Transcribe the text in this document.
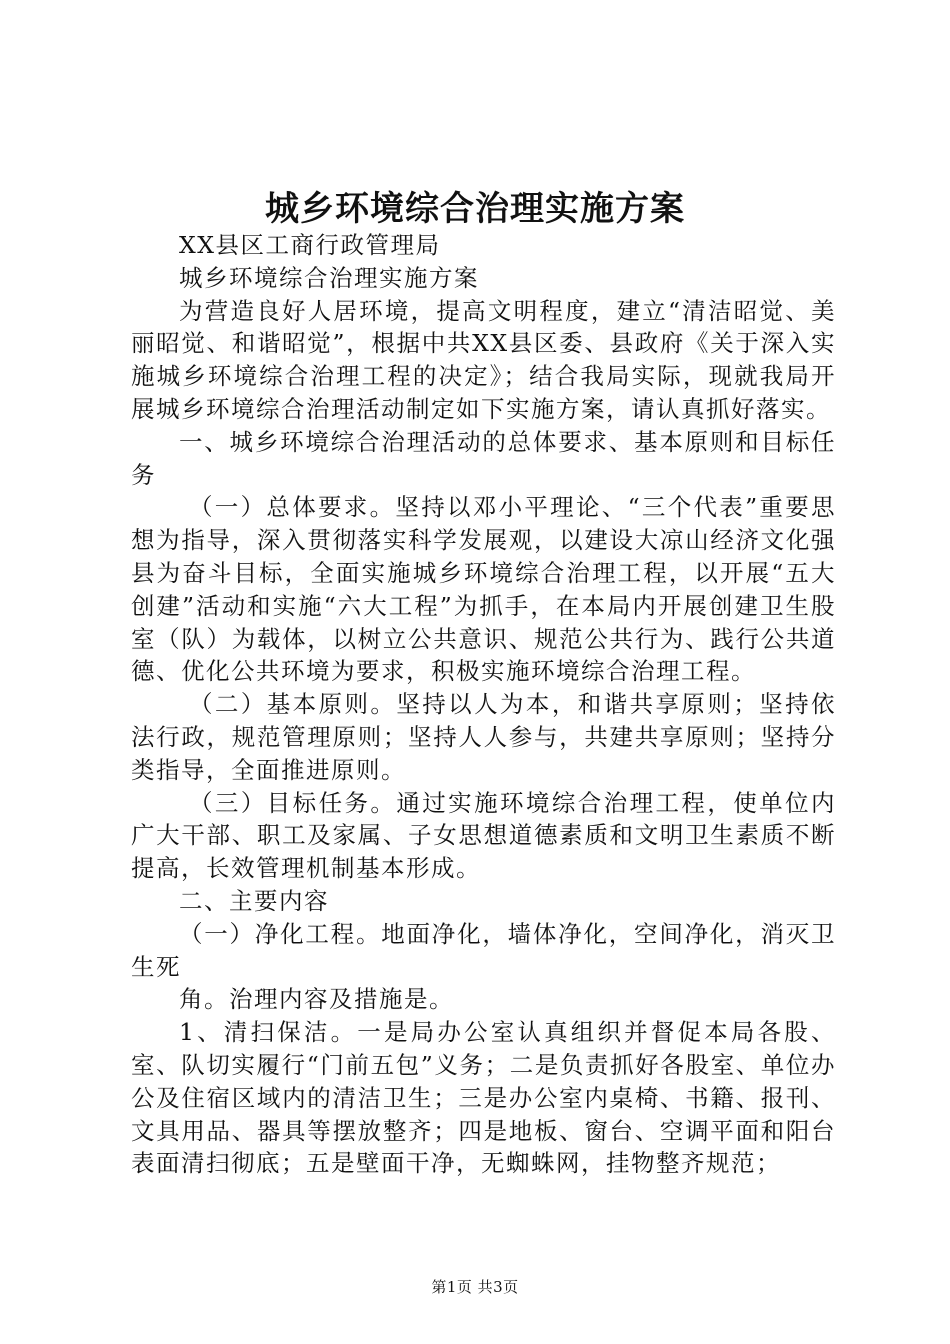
城乡环境综合治理实施方案

XX县区工商行政管理局

城乡环境综合治理实施方案

为营造良好人居环境，提高文明程度，建立“清洁昭觉、美丽昭觉、和谐昭觉”，根据中共XX县区委、县政府《关于深入实施城乡环境综合治理工程的决定》；结合我局实际，现就我局开展城乡环境综合治理活动制定如下实施方案，请认真抓好落实。

一、城乡环境综合治理活动的总体要求、基本原则和目标任务

（一）总体要求。坚持以邓小平理论、“三个代表”重要思想为指导，深入贯彻落实科学发展观，以建设大凉山经济文化强县为奋斗目标，全面实施城乡环境综合治理工程，以开展“五大创建”活动和实施“六大工程”为抓手，在本局内开展创建卫生股室（队）为载体，以树立公共意识、规范公共行为、践行公共道德、优化公共环境为要求，积极实施环境综合治理工程。

（二）基本原则。坚持以人为本，和谐共享原则；坚持依法行政，规范管理原则；坚持人人参与，共建共享原则；坚持分类指导，全面推进原则。

（三）目标任务。通过实施环境综合治理工程，使单位内广大干部、职工及家属、子女思想道德素质和文明卫生素质不断提高，长效管理机制基本形成。

二、主要内容

（一）净化工程。地面净化，墙体净化，空间净化，消灭卫生死

角。治理内容及措施是。

1、清扫保洁。一是局办公室认真组织并督促本局各股、室、队切实履行“门前五包”义务；二是负责抓好各股室、单位办公及住宿区域内的清洁卫生；三是办公室内桌椅、书籍、报刊、文具用品、器具等摆放整齐；四是地板、窗台、空调平面和阳台表面清扫彻底；五是壁面干净，无蜘蛛网，挂物整齐规范；

第1页 共3页
